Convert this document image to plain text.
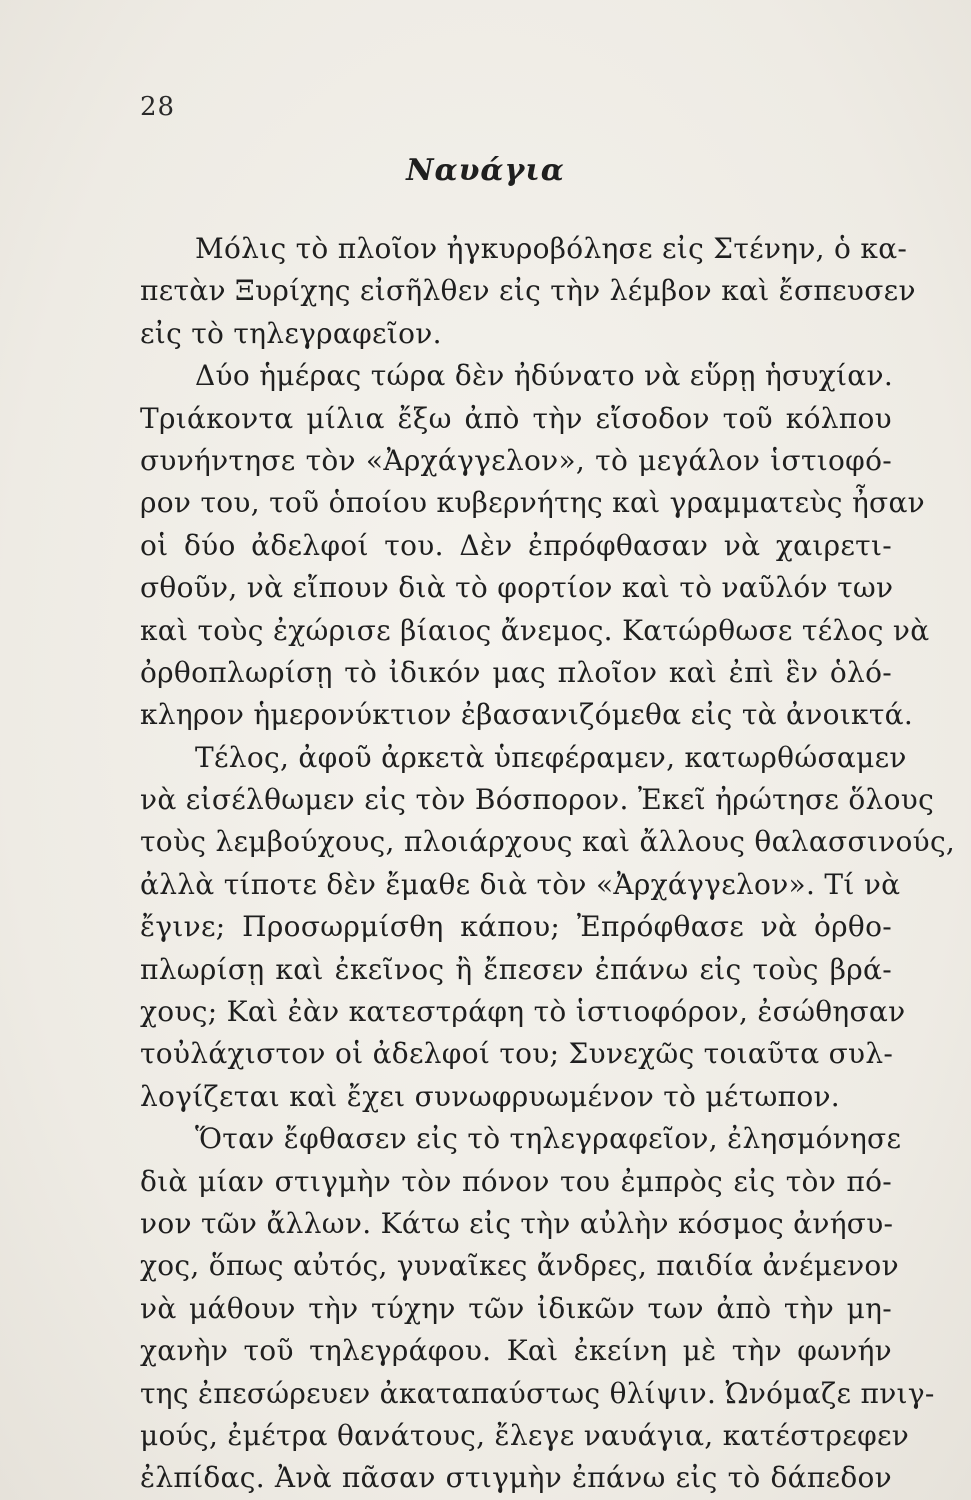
28
Ναυάγια
Μόλις τὸ πλοῖον ἠγκυροβόλησε εἰς Στένην, ὁ κα-
πετὰν Ξυρίχης εἰσῆλθεν εἰς τὴν λέμβον καὶ ἔσπευσεν
εἰς τὸ τηλεγραφεῖον.
Δύο ἡμέρας τώρα δὲν ἠδύνατο νὰ εὕρῃ ἡσυχίαν.
Τριάκοντα μίλια ἔξω ἀπὸ τὴν εἴσοδον τοῦ κόλπου
συνήντησε τὸν «Ἀρχάγγελον», τὸ μεγάλον ἱστιοφό-
ρον του, τοῦ ὁποίου κυβερνήτης καὶ γραμματεὺς ἦσαν
οἱ δύο ἀδελφοί του. Δὲν ἐπρόφθασαν νὰ χαιρετι-
σθοῦν, νὰ εἴπουν διὰ τὸ φορτίον καὶ τὸ ναῦλόν των
καὶ τοὺς ἐχώρισε βίαιος ἄνεμος. Κατώρθωσε τέλος νὰ
ὀρθοπλωρίσῃ τὸ ἰδικόν μας πλοῖον καὶ ἐπὶ ἓν ὁλό-
κληρον ἡμερονύκτιον ἐβασανιζόμεθα εἰς τὰ ἀνοικτά.
Τέλος, ἀφοῦ ἀρκετὰ ὑπεφέραμεν, κατωρθώσαμεν
νὰ εἰσέλθωμεν εἰς τὸν Βόσπορον. Ἐκεῖ ἠρώτησε ὅλους
τοὺς λεμβούχους, πλοιάρχους καὶ ἄλλους θαλασσινούς,
ἀλλὰ τίποτε δὲν ἔμαθε διὰ τὸν «Ἀρχάγγελον». Τί νὰ
ἔγινε; Προσωρμίσθη κάπου; Ἐπρόφθασε νὰ ὀρθο-
πλωρίσῃ καὶ ἐκεῖνος ἢ ἔπεσεν ἐπάνω εἰς τοὺς βρά-
χους; Καὶ ἐὰν κατεστράφη τὸ ἱστιοφόρον, ἐσώθησαν
τοὐλάχιστον οἱ ἀδελφοί του; Συνεχῶς τοιαῦτα συλ-
λογίζεται καὶ ἔχει συνωφρυωμένον τὸ μέτωπον.
Ὅταν ἔφθασεν εἰς τὸ τηλεγραφεῖον, ἐλησμόνησε
διὰ μίαν στιγμὴν τὸν πόνον του ἐμπρὸς εἰς τὸν πό-
νον τῶν ἄλλων. Κάτω εἰς τὴν αὐλὴν κόσμος ἀνήσυ-
χος, ὅπως αὐτός, γυναῖκες ἄνδρες, παιδία ἀνέμενον
νὰ μάθουν τὴν τύχην τῶν ἰδικῶν των ἀπὸ τὴν μη-
χανὴν τοῦ τηλεγράφου. Καὶ ἐκείνη μὲ τὴν φωνήν
της ἐπεσώρευεν ἀκαταπαύστως θλίψιν. Ὠνόμαζε πνιγ-
μούς, ἐμέτρα θανάτους, ἔλεγε ναυάγια, κατέστρεφεν
ἐλπίδας. Ἀνὰ πᾶσαν στιγμὴν ἐπάνω εἰς τὸ δάπεδον
